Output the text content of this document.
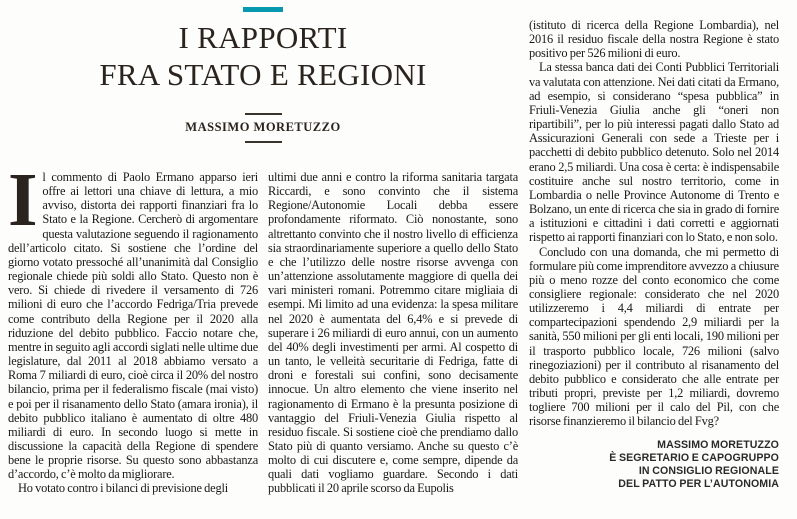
I RAPPORTI
FRA STATO E REGIONI
MASSIMO MORETUZZO

Il commento di Paolo Ermano apparso ieri offre ai lettori una chiave di lettura, a mio avviso, distorta dei rapporti finanziari fra lo Stato e la Regione. Cercherò di argomentare questa valutazione seguendo il ragionamento dell’articolo citato. Si sostiene che l’ordine del giorno votato pressoché all’unanimità dal Consiglio regionale chiede più soldi allo Stato. Questo non è vero. Si chiede di rivedere il versamento di 726 milioni di euro che l’accordo Fedriga/Tria prevede come contributo della Regione per il 2020 alla riduzione del debito pubblico. Faccio notare che, mentre in seguito agli accordi siglati nelle ultime due legislature, dal 2011 al 2018 abbiamo versato a Roma 7 miliardi di euro, cioè circa il 20% del nostro bilancio, prima per il federalismo fiscale (mai visto) e poi per il risanamento dello Stato (amara ironia), il debito pubblico italiano è aumentato di oltre 480 miliardi di euro. In secondo luogo si mette in discussione la capacità della Regione di spendere bene le proprie risorse. Su questo sono abbastanza d’accordo, c’è molto da migliorare.

Ho votato contro i bilanci di previsione degli

ultimi due anni e contro la riforma sanitaria targata Riccardi, e sono convinto che il sistema Regione/Autonomie Locali debba essere profondamente riformato. Ciò nonostante, sono altrettanto convinto che il nostro livello di efficienza sia straordinariamente superiore a quello dello Stato e che l’utilizzo delle nostre risorse avvenga con un’attenzione assolutamente maggiore di quella dei vari ministeri romani. Potremmo citare migliaia di esempi. Mi limito ad una evidenza: la spesa militare nel 2020 è aumentata del 6,4% e si prevede di superare i 26 miliardi di euro annui, con un aumento del 40% degli investimenti per armi. Al cospetto di un tanto, le velleità securitarie di Fedriga, fatte di droni e forestali sui confini, sono decisamente innocue. Un altro elemento che viene inserito nel ragionamento di Ermano è la presunta posizione di vantaggio del Friuli-Venezia Giulia rispetto al residuo fiscale. Si sostiene cioè che prendiamo dallo Stato più di quanto versiamo. Anche su questo c’è molto di cui discutere e, come sempre, dipende da quali dati vogliamo guardare. Secondo i dati pubblicati il 20 aprile scorso da Eupolis

(istituto di ricerca della Regione Lombardia), nel 2016 il residuo fiscale della nostra Regione è stato positivo per 526 milioni di euro.

La stessa banca dati dei Conti Pubblici Territoriali va valutata con attenzione. Nei dati citati da Ermano, ad esempio, si considerano “spesa pubblica” in Friuli-Venezia Giulia anche gli “oneri non ripartibili”, per lo più interessi pagati dallo Stato ad Assicurazioni Generali con sede a Trieste per i pacchetti di debito pubblico detenuto. Solo nel 2014 erano 2,5 miliardi. Una cosa è certa: è indispensabile costituire anche sul nostro territorio, come in Lombardia o nelle Province Autonome di Trento e Bolzano, un ente di ricerca che sia in grado di fornire a istituzioni e cittadini i dati corretti e aggiornati rispetto ai rapporti finanziari con lo Stato, e non solo.

Concludo con una domanda, che mi permetto di formulare più come imprenditore avvezzo a chiusure più o meno rozze del conto economico che come consigliere regionale: considerato che nel 2020 utilizzeremo i 4,4 miliardi di entrate per compartecipazioni spendendo 2,9 miliardi per la sanità, 550 milioni per gli enti locali, 190 milioni per il trasporto pubblico locale, 726 milioni (salvo rinegoziazioni) per il contributo al risanamento del debito pubblico e considerato che alle entrate per tributi propri, previste per 1,2 miliardi, dovremo togliere 700 milioni per il calo del Pil, con che risorse finanzieremo il bilancio del Fvg?

MASSIMO MORETUZZO
È SEGRETARIO E CAPOGRUPPO
IN CONSIGLIO REGIONALE
DEL PATTO PER L’AUTONOMIA
